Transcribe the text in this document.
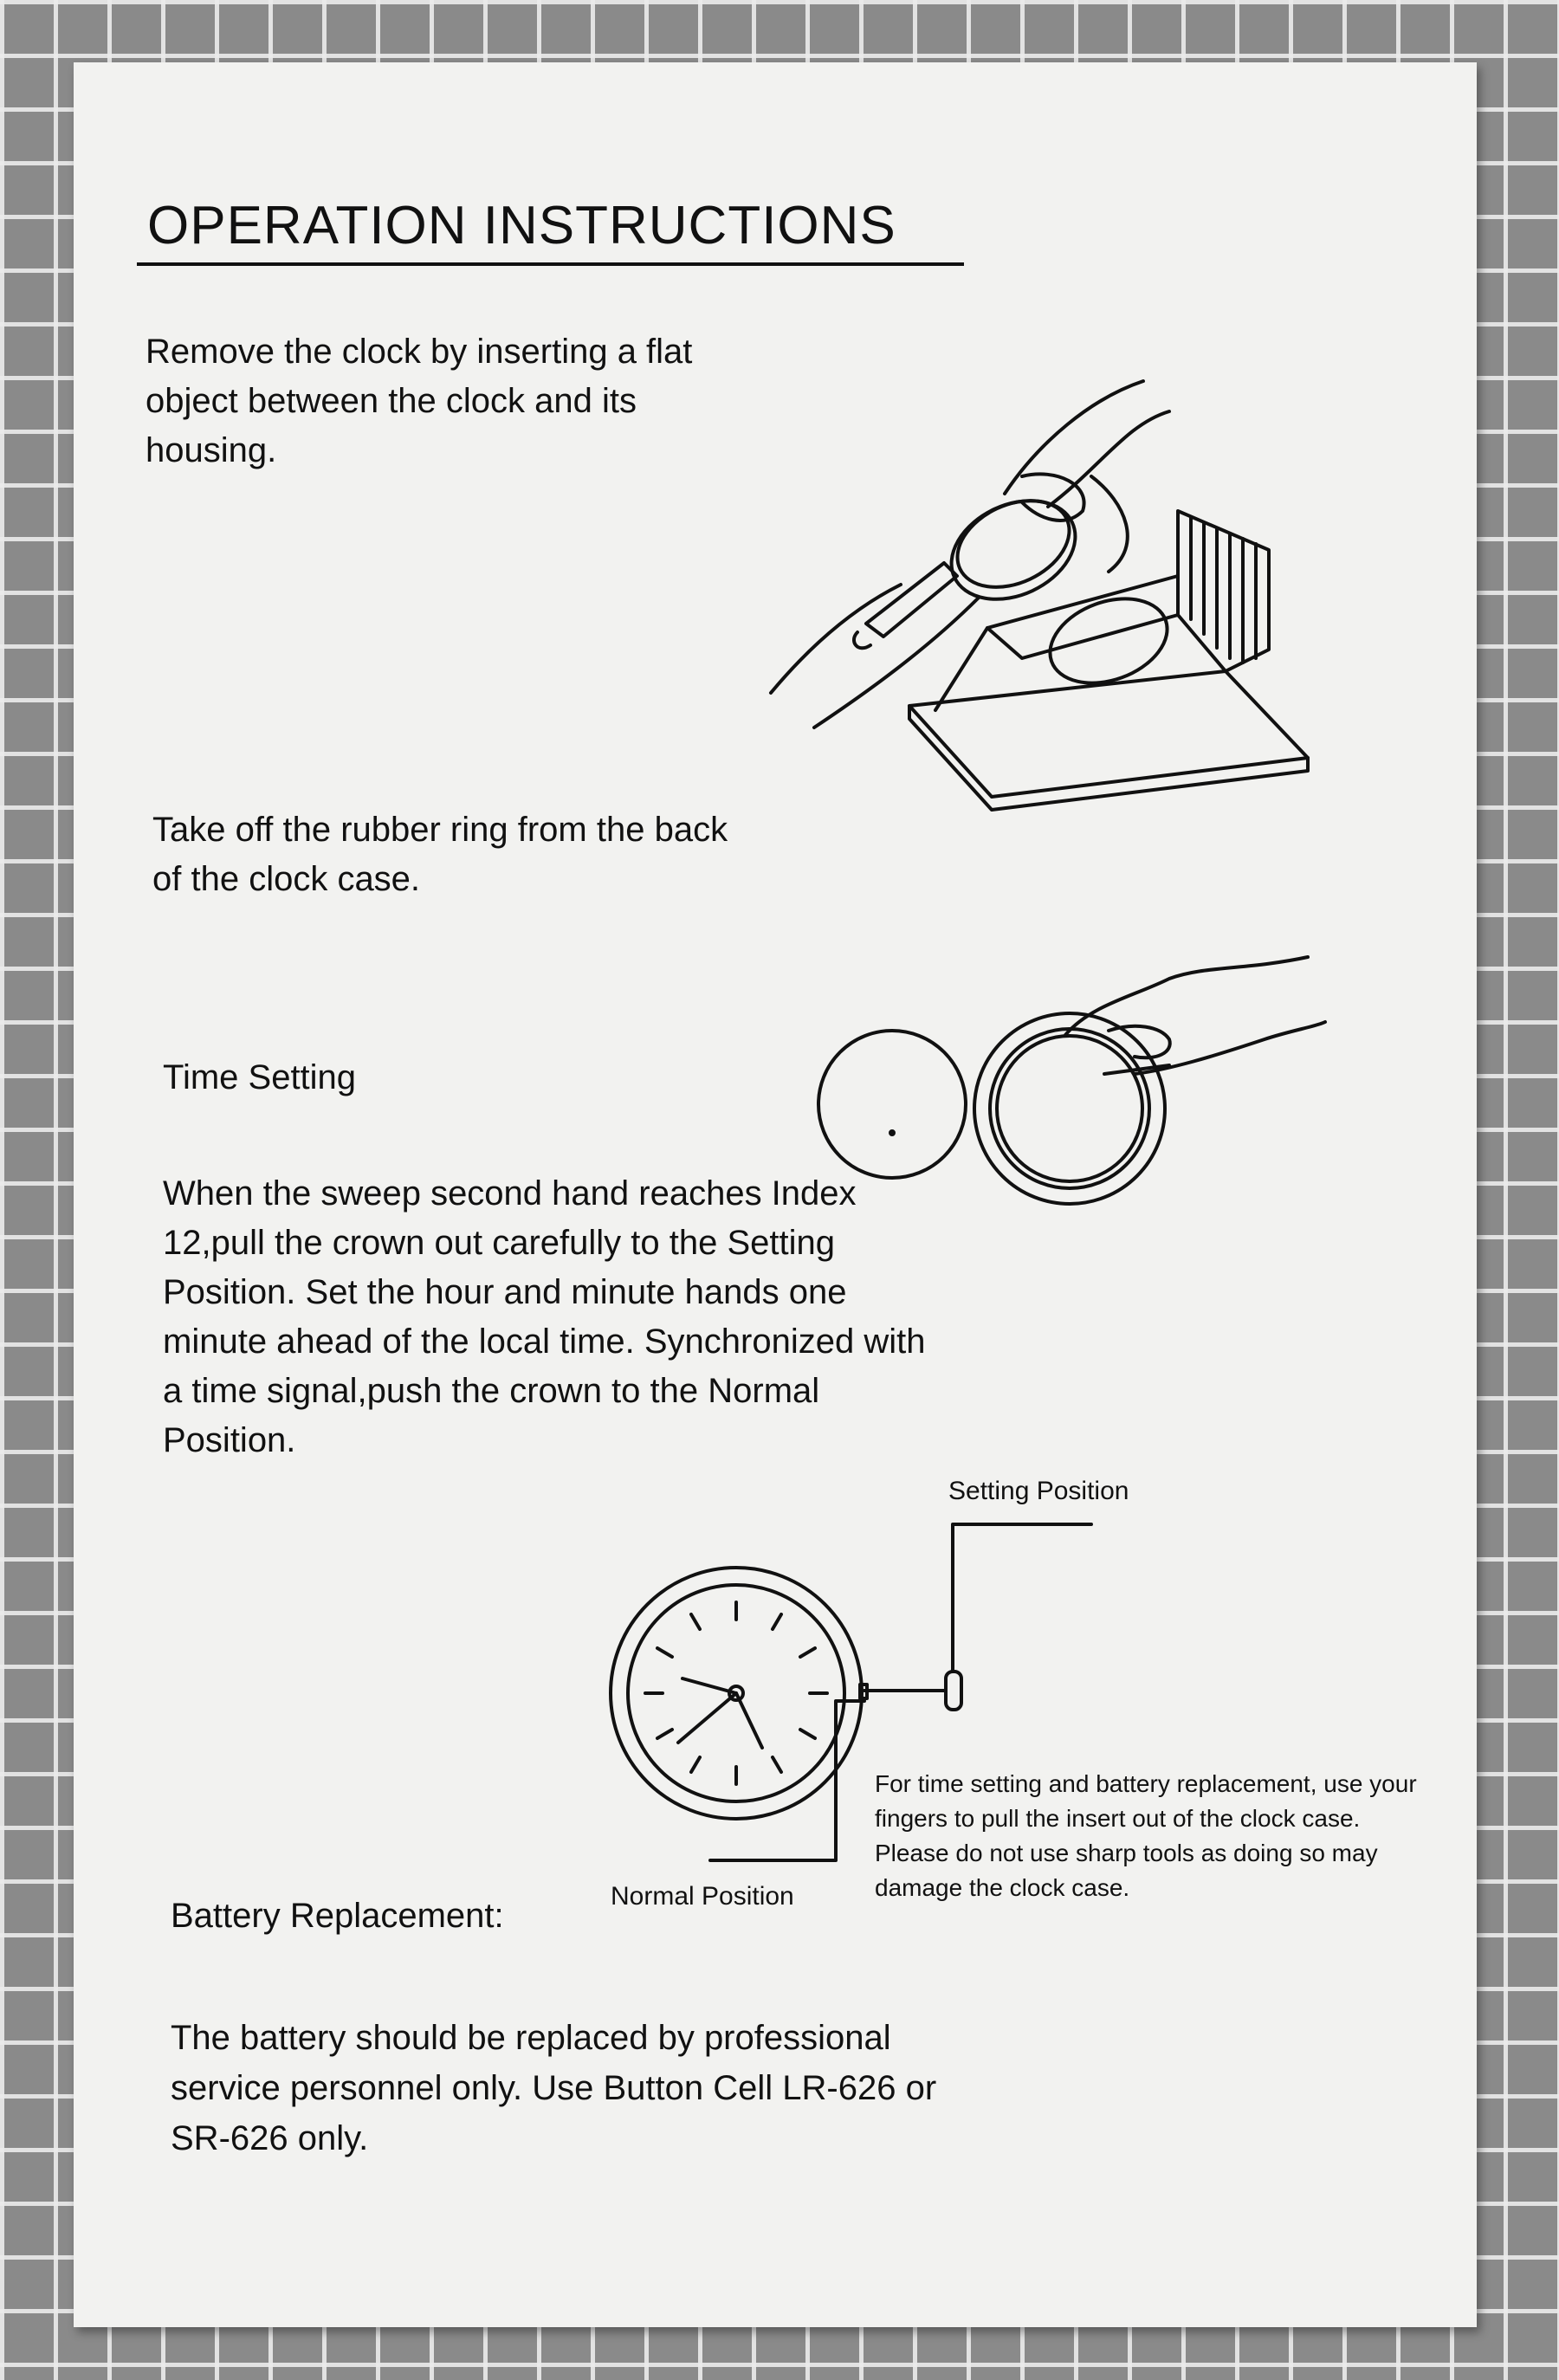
OPERATION INSTRUCTIONS
Remove the clock by inserting a flat object between the clock and its housing.
Take off the rubber ring from the back of the clock case.
Time Setting
When the sweep second hand reaches Index 12,pull the crown out carefully to the Setting Position. Set the hour and minute hands one minute ahead of the local time. Synchronized with a time signal,push the crown to the Normal Position.
Setting Position
Normal Position
For time setting and battery replacement, use your fingers to pull the insert out of the clock case. Please do not use sharp tools as doing so may damage the clock case.
Battery Replacement:
The battery should be replaced by professional service personnel only. Use Button Cell LR-626 or SR-626 only.
